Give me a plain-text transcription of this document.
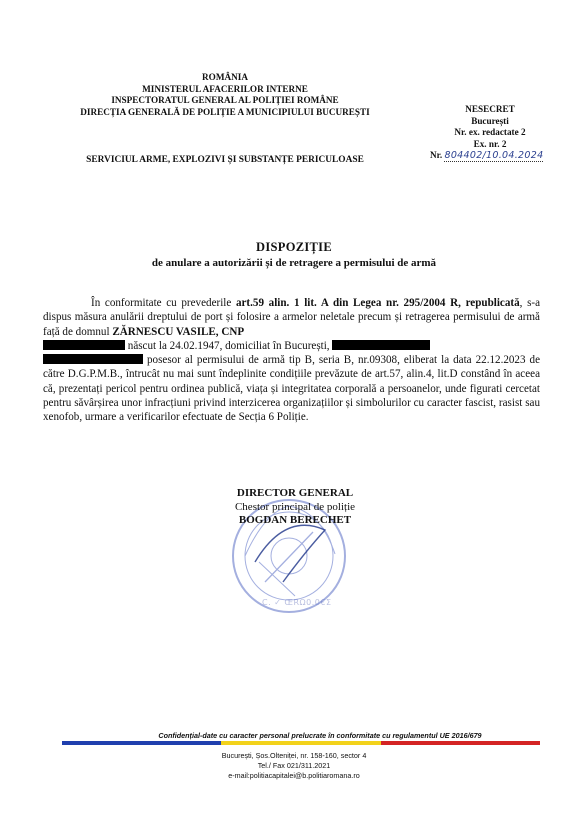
ROMÂNIA
MINISTERUL AFACERILOR INTERNE
INSPECTORATUL GENERAL AL POLIȚIEI ROMÂNE
DIRECȚIA GENERALĂ DE POLIȚIE A MUNICIPIULUI BUCUREȘTI
SERVICIUL ARME, EXPLOZIVI ȘI SUBSTANȚE PERICULOASE
NESECRET
București
Nr. ex. redactate 2
Ex. nr. 2
Nr. 804402/10.04.2024
DISPOZIȚIE
de anulare a autorizării și de retragere a permisului de armă

În conformitate cu prevederile art.59 alin. 1 lit. A din Legea nr. 295/2004 R, republicată, s-a dispus măsura anulării dreptului de port și folosire a armelor neletale precum și retragerea permisului de armă față de domnul ZĂRNESCU VASILE, CNP
născut la 24.02.1947, domiciliat în București,
posesor al permisului de armă tip B, seria B, nr.09308, eliberat la data 22.12.2023 de către D.G.P.M.B., întrucât nu mai sunt îndeplinite condițiile prevăzute de art.57, alin.4, lit.D constând în aceea că, prezentați pericol pentru ordinea publică, viața și integritatea corporală a persoanelor, unde figurati cercetat pentru săvârșirea unor infracțiuni privind interzicerea organizațiilor și simbolurilor cu caracter fascist, rasist sau xenofob, urmare a verificarilor efectuate de Secția 6 Poliție.

C. ✓ ŒRΩ0.0€Σ
DIRECTOR GENERAL
Chestor principal de poliție
BOGDAN BERECHET
Confidențial-date cu caracter personal prelucrate în conformitate cu regulamentul UE 2016/679
București, Șos.Olteniței, nr. 158-160, sector 4
Tel./ Fax 021/311.2021
e-mail:politiacapitalei@b.politiaromana.ro
